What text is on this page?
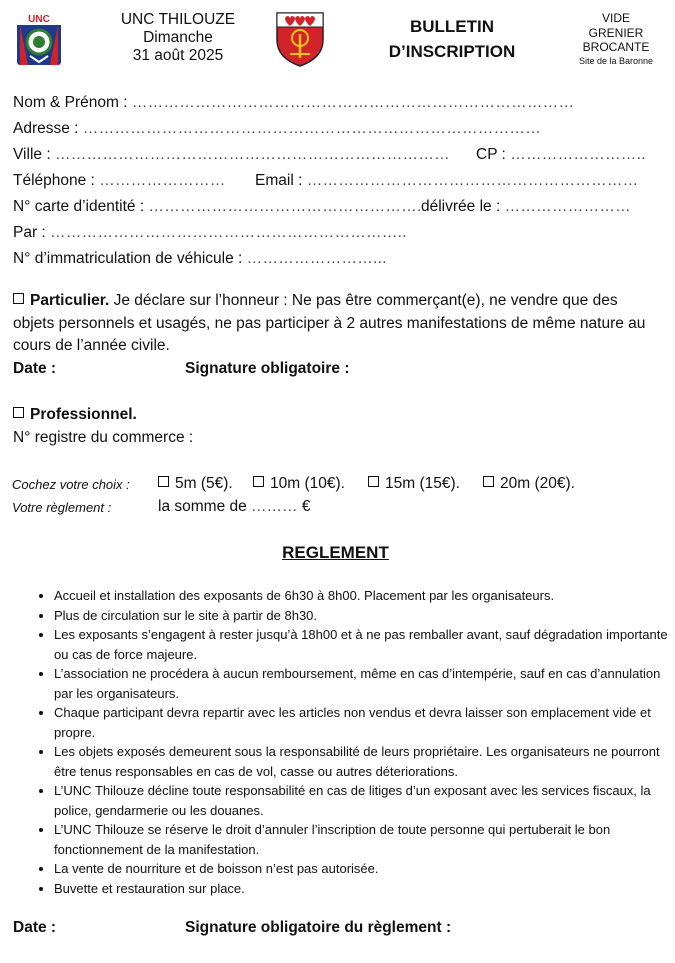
UNC	UNC THILOUZE
Dimanche
31 août 2025
BULLETIN
D’INSCRIPTION
VIDE
GRENIER
BROCANTE
Site de la Baronne
Nom & Prénom : …………………………………………………………………………
Adresse : ……………………………………………………………………………
Ville : ………………………………………………………………… CP : ……………………..
Téléphone : …………………… Email : ………………………………………………………
N° carte d’identité : ……………………………………………. délivrée le : ……………………
Par : …………………………………………………………..
N° d’immatriculation de véhicule : ……………………...
Particulier. Je déclare sur l’honneur : Ne pas être commerçant(e), ne vendre que des objets personnels et usagés, ne pas participer à 2 autres manifestations de même nature au cours de l’année civile.
Date :	Signature obligatoire :
Professionnel.
N° registre du commerce :
Cochez votre choix :	5m (5€).	10m (10€).	15m (15€).	20m (20€).
Votre règlement :	la somme de ……… €
REGLEMENT
• Accueil et installation des exposants de 6h30 à 8h00. Placement par les organisateurs.
• Plus de circulation sur le site à partir de 8h30.
• Les exposants s’engagent à rester jusqu’à 18h00 et à ne pas remballer avant, sauf dégradation importante ou cas de force majeure.
• L’association ne procédera à aucun remboursement, même en cas d’intempérie, sauf en cas d’annulation par les organisateurs.
• Chaque participant devra repartir avec les articles non vendus et devra laisser son emplacement vide et propre.
• Les objets exposés demeurent sous la responsabilité de leurs propriétaire. Les organisateurs ne pourront être tenus responsables en cas de vol, casse ou autres déteriorations.
• L’UNC Thilouze décline toute responsabilité en cas de litiges d’un exposant avec les services fiscaux, la police, gendarmerie ou les douanes.
• L’UNC Thilouze se réserve le droit d’annuler l’inscription de toute personne qui pertuberait le bon fonctionnement de la manifestation.
• La vente de nourriture et de boisson n’est pas autorisée.
• Buvette et restauration sur place.
Date :	Signature obligatoire du règlement :
